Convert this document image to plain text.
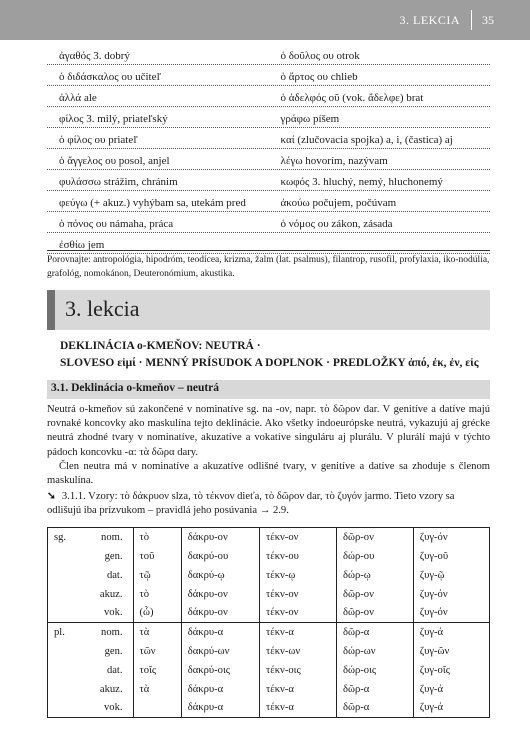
3. LEKCIA 35
ἀγαθός 3. dobrý	ὁ δοῦλος ου otrok
ὁ διδάσκαλος ου učiteľ	ὁ ἄρτος ου chlieb
ἀλλά ale	ὁ ἀδελφός οῦ (vok. ἄδελφε) brat
φίλος 3. milý, priateľský	γράφω píšem
ὁ φίλος ου priateľ	καί (zlučovacia spojka) a, i, (častica) aj
ὁ ἄγγελος ου posol, anjel	λέγω hovorím, nazývam
φυλάσσω strážim, chránim	κωφός 3. hluchý, nemý, hluchonemý
φεύγω (+ akuz.) vyhýbam sa, utekám pred	ἀκούω počujem, počúvam
ὁ πόνος ου námaha, práca	ὁ νόμος ου zákon, zásada
ἐσθίω jem
Porovnajte: antropológia, hipodróm, teodícea, krizma, žalm (lat. psalmus), filantrop, rusofil, profylaxia, iko-nodúlia, grafológ, nomokánon, Deuteronómium, akustika.
3. lekcia
DEKLINÁCIA o-KMEŇOV: NEUTRÁ ·
SLOVESO εἰμί · MENNÝ PRÍSUDOK A DOPLNOK · PREDLOŽKY ἀπό, ἐκ, ἐν, εἰς
3.1. Deklinácia o-kmeňov – neutrá

Neutrá o-kmeňov sú zakončené v nominatíve sg. na -ον, napr. τὸ δῶρον dar. V genitíve a datíve majú rovnaké koncovky ako maskulína tejto deklinácie. Ako všetky indoeurópske neutrá, vykazujú aj grécke neutrá zhodné tvary v nominatíve, akuzatíve a vokatíve singuláru aj plurálu. V plurálí majú v týchto pádoch koncovku -α: τὰ δῶρα dary.

Člen neutra má v nominatíve a akuzatíve odlišné tvary, v genitíve a datíve sa zhoduje s členom maskulína.

➘ 3.1.1. Vzory: τὸ δάκρυον slza, τὸ τέκνον dieťa, τὸ δῶρον dar, τὸ ζυγόν jarmo. Tieto vzory sa odlišujú iba prízvukom – pravidlá jeho posúvania → 2.9.
sg.	nom.	τὸ	δάκρυ-ον	τέκν-ον	δῶρ-ον	ζυγ-όν
	gen.	τοῦ	δακρύ-ου	τέκν-ου	δώρ-ου	ζυγ-οῦ
	dat.	τῷ	δακρύ-ῳ	τέκν-ῳ	δώρ-ῳ	ζυγ-ῷ
	akuz.	τὸ	δάκρυ-ον	τέκν-ον	δῶρ-ον	ζυγ-όν
	vok.	(ὦ)	δάκρυ-ον	τέκν-ον	δῶρ-ον	ζυγ-όν
pl.	nom.	τὰ	δάκρυ-α	τέκν-α	δῶρ-α	ζυγ-ά
	gen.	τῶν	δακρύ-ων	τέκν-ων	δώρ-ων	ζυγ-ῶν
	dat.	τοῖς	δακρύ-οις	τέκν-οις	δώρ-οις	ζυγ-οῖς
	akuz.	τὰ	δάκρυ-α	τέκν-α	δῶρ-α	ζυγ-ά
	vok.		δάκρυ-α	τέκν-α	δῶρ-α	ζυγ-ά
